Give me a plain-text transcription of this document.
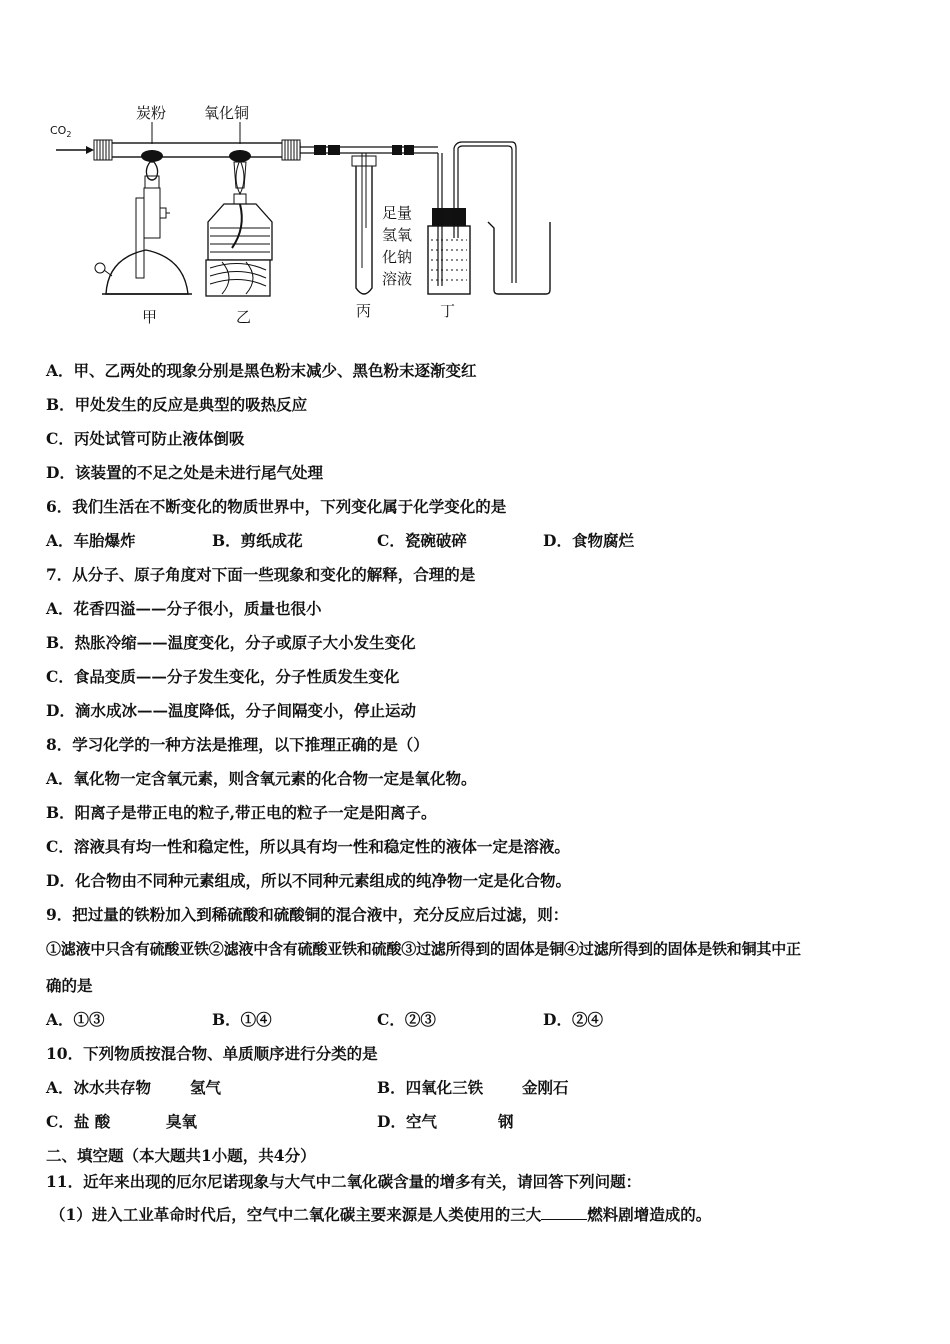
$CO_2$
炭粉	氧化铜
足量
氢氧
化钠
溶液
甲	乙	丙	丁
A．甲、乙两处的现象分别是黑色粉末减少、黑色粉末逐渐变红
B．甲处发生的反应是典型的吸热反应
C．丙处试管可防止液体倒吸
D．该装置的不足之处是未进行尾气处理
6．我们生活在不断变化的物质世界中，下列变化属于化学变化的是
A．车胎爆炸	B．剪纸成花	C．瓷碗破碎	D．食物腐烂
7．从分子、原子角度对下面一些现象和变化的解释，合理的是
A．花香四溢——分子很小，质量也很小
B．热胀冷缩——温度变化，分子或原子大小发生变化
C．食品变质——分子发生变化，分子性质发生变化
D．滴水成冰——温度降低，分子间隔变小，停止运动
8．学习化学的一种方法是推理，以下推理正确的是（）
A．氧化物一定含氧元素，则含氧元素的化合物一定是氧化物。
B．阳离子是带正电的粒子,带正电的粒子一定是阳离子。
C．溶液具有均一性和稳定性，所以具有均一性和稳定性的液体一定是溶液。
D．化合物由不同种元素组成，所以不同种元素组成的纯净物一定是化合物。
9．把过量的铁粉加入到稀硫酸和硫酸铜的混合液中，充分反应后过滤，则：
①滤液中只含有硫酸亚铁②滤液中含有硫酸亚铁和硫酸③过滤所得到的固体是铜④过滤所得到的固体是铁和铜其中正
确的是
A．①③	B．①④	C．②③	D．②④
10．下列物质按混合物、单质顺序进行分类的是
A．冰水共存物	氢气	B．四氧化三铁	金刚石
C．盐 酸	臭氧	D．空气	钢
二、填空题（本大题共1小题，共4分）
11．近年来出现的厄尔尼诺现象与大气中二氧化碳含量的增多有关，请回答下列问题：
（1）进入工业革命时代后，空气中二氧化碳主要来源是人类使用的三大	燃料剧增造成的。
